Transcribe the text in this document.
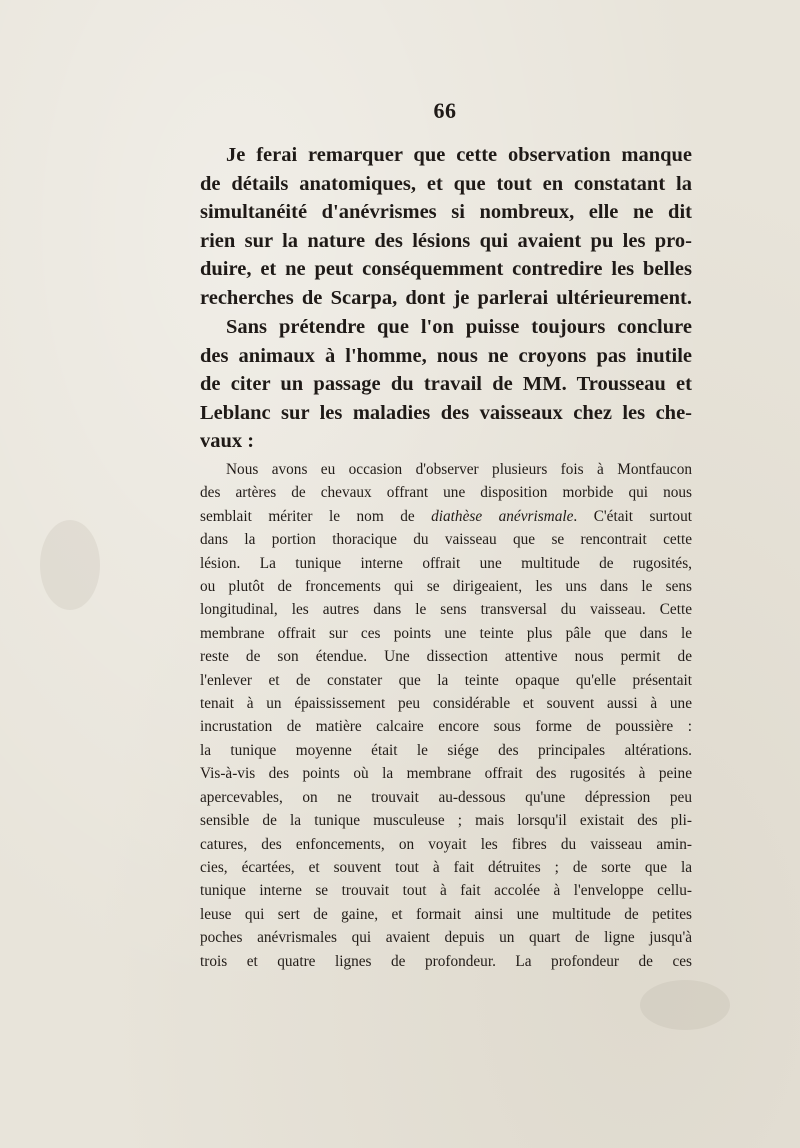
66
Je ferai remarquer que cette observation manque
de détails anatomiques, et que tout en constatant la
simultanéité d'anévrismes si nombreux, elle ne dit
rien sur la nature des lésions qui avaient pu les pro-
duire, et ne peut conséquemment contredire les belles
recherches de Scarpa, dont je parlerai ultérieurement.
Sans prétendre que l'on puisse toujours conclure
des animaux à l'homme, nous ne croyons pas inutile
de citer un passage du travail de MM. Trousseau et
Leblanc sur les maladies des vaisseaux chez les che-
vaux :
Nous avons eu occasion d'observer plusieurs fois à Montfaucon
des artères de chevaux offrant une disposition morbide qui nous
semblait mériter le nom de diathèse anévrismale. C'était surtout
dans la portion thoracique du vaisseau que se rencontrait cette
lésion. La tunique interne offrait une multitude de rugosités,
ou plutôt de froncements qui se dirigeaient, les uns dans le sens
longitudinal, les autres dans le sens transversal du vaisseau. Cette
membrane offrait sur ces points une teinte plus pâle que dans le
reste de son étendue. Une dissection attentive nous permit de
l'enlever et de constater que la teinte opaque qu'elle présentait
tenait à un épaississement peu considérable et souvent aussi à une
incrustation de matière calcaire encore sous forme de poussière :
la tunique moyenne était le siége des principales altérations.
Vis-à-vis des points où la membrane offrait des rugosités à peine
apercevables, on ne trouvait au-dessous qu'une dépression peu
sensible de la tunique musculeuse ; mais lorsqu'il existait des pli-
catures, des enfoncements, on voyait les fibres du vaisseau amin-
cies, écartées, et souvent tout à fait détruites ; de sorte que la
tunique interne se trouvait tout à fait accolée à l'enveloppe cellu-
leuse qui sert de gaine, et formait ainsi une multitude de petites
poches anévrismales qui avaient depuis un quart de ligne jusqu'à
trois et quatre lignes de profondeur. La profondeur de ces
